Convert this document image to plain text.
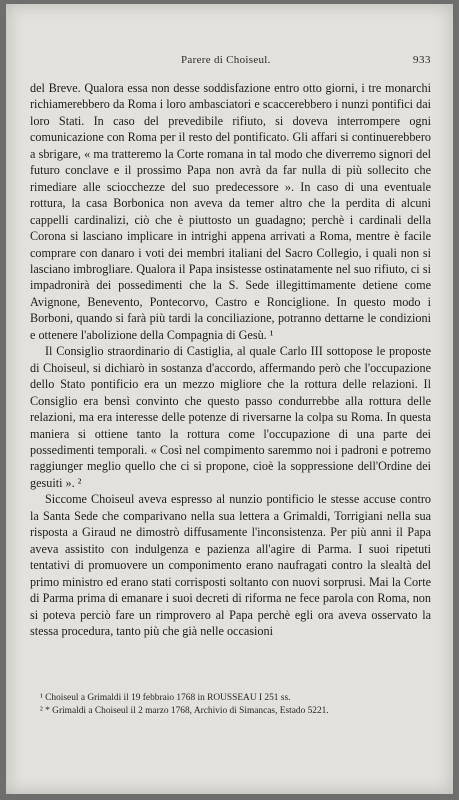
Parere di Choiseul.	933

del Breve. Qualora essa non desse soddisfazione entro otto giorni, i tre monarchi richiamerebbero da Roma i loro ambasciatori e scaccerebbero i nunzi pontifici dai loro Stati. In caso del prevedibile rifiuto, si doveva interrompere ogni comunicazione con Roma per il resto del pontificato. Gli affari si continuerebbero a sbrigare, « ma tratteremo la Corte romana in tal modo che diverremo signori del futuro conclave e il prossimo Papa non avrà da far nulla di più sollecito che rimediare alle sciocchezze del suo predecessore ». In caso di una eventuale rottura, la casa Borbonica non aveva da temer altro che la perdita di alcuni cappelli cardinalizi, ciò che è piuttosto un guadagno; perchè i cardinali della Corona si lasciano implicare in intrighi appena arrivati a Roma, mentre è facile comprare con danaro i voti dei membri italiani del Sacro Collegio, i quali non si lasciano imbrogliare. Qualora il Papa insistesse ostinatamente nel suo rifiuto, ci si impadronirà dei possedimenti che la S. Sede illegittimamente detiene come Avignone, Benevento, Pontecorvo, Castro e Ronciglione. In questo modo i Borboni, quando si farà più tardi la conciliazione, potranno dettarne le condizioni e ottenere l'abolizione della Compagnia di Gesù. ¹

Il Consiglio straordinario di Castiglia, al quale Carlo III sottopose le proposte di Choiseul, si dichiarò in sostanza d'accordo, affermando però che l'occupazione dello Stato pontificio era un mezzo migliore che la rottura delle relazioni. Il Consiglio era bensì convinto che questo passo condurrebbe alla rottura delle relazioni, ma era interesse delle potenze di riversarne la colpa su Roma. In questa maniera si ottiene tanto la rottura come l'occupazione di una parte dei possedimenti temporali. « Così nel compimento saremmo noi i padroni e potremo raggiunger meglio quello che ci si propone, cioè la soppressione dell'Ordine dei gesuiti ». ²

Siccome Choiseul aveva espresso al nunzio pontificio le stesse accuse contro la Santa Sede che comparivano nella sua lettera a Grimaldi, Torrigiani nella sua risposta a Giraud ne dimostrò diffusamente l'inconsistenza. Per più anni il Papa aveva assistito con indulgenza e pazienza all'agire di Parma. I suoi ripetuti tentativi di promuovere un componimento erano naufragati contro la slealtà del primo ministro ed erano stati corrisposti soltanto con nuovi sorprusi. Mai la Corte di Parma prima di emanare i suoi decreti di riforma ne fece parola con Roma, non si poteva perciò fare un rimprovero al Papa perchè egli ora aveva osservato la stessa procedura, tanto più che già nelle occasioni

¹ Choiseul a Grimaldi il 19 febbraio 1768 in ROUSSEAU I 251 ss.

² * Grimaldi a Choiseul il 2 marzo 1768, Archivio di Simancas, Estado 5221.
